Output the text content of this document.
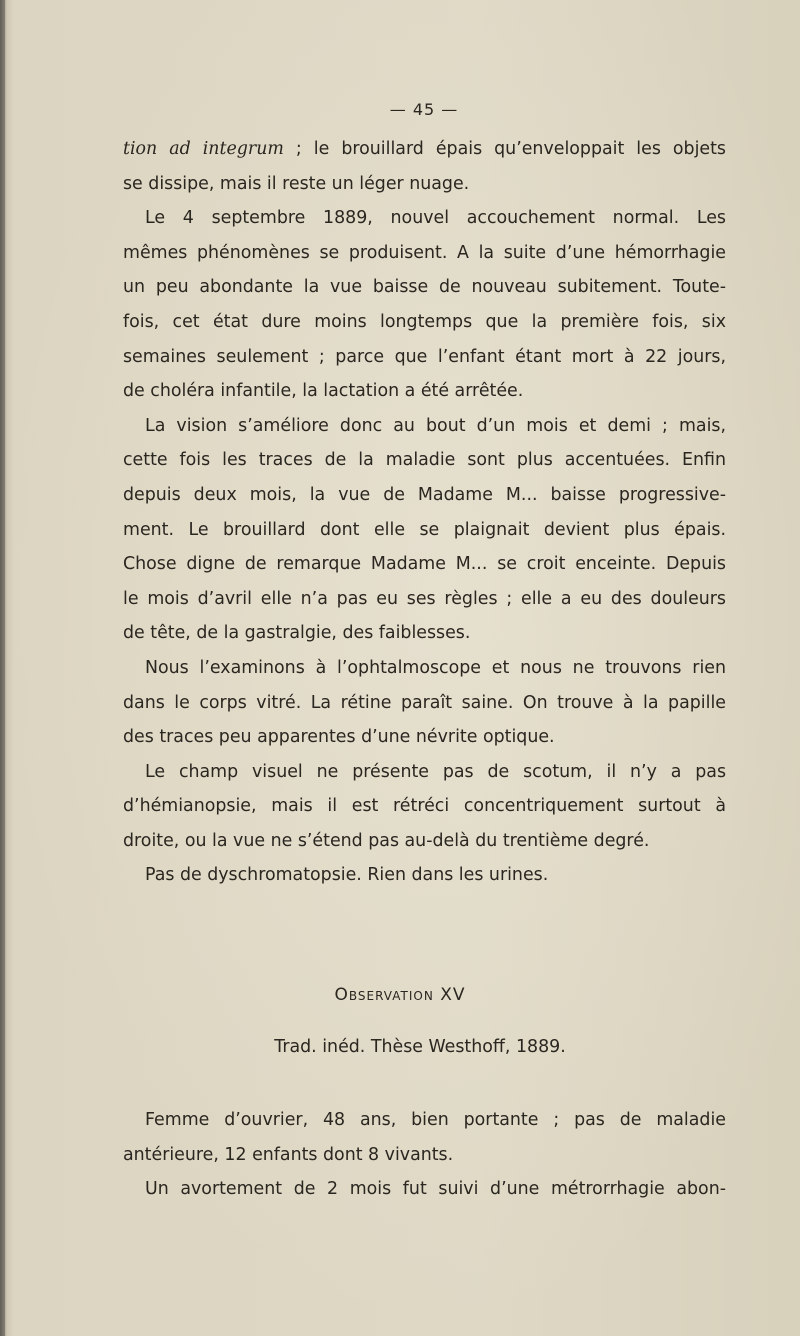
— 45 —
tion ad integrum ; le brouillard épais qu’enveloppait les objets
se dissipe, mais il reste un léger nuage.
Le 4 septembre 1889, nouvel accouchement normal. Les
mêmes phénomènes se produisent. A la suite d’une hémorrhagie
un peu abondante la vue baisse de nouveau subitement. Toute-
fois, cet état dure moins longtemps que la première fois, six
semaines seulement ; parce que l’enfant étant mort à 22 jours,
de choléra infantile, la lactation a été arrêtée.
La vision s’améliore donc au bout d’un mois et demi ; mais,
cette fois les traces de la maladie sont plus accentuées. Enfin
depuis deux mois, la vue de Madame M... baisse progressive-
ment. Le brouillard dont elle se plaignait devient plus épais.
Chose digne de remarque Madame M... se croit enceinte. Depuis
le mois d’avril elle n’a pas eu ses règles ; elle a eu des douleurs
de tête, de la gastralgie, des faiblesses.
Nous l’examinons à l’ophtalmoscope et nous ne trouvons rien
dans le corps vitré. La rétine paraît saine. On trouve à la papille
des traces peu apparentes d’une névrite optique.
Le champ visuel ne présente pas de scotum, il n’y a pas
d’hémianopsie, mais il est rétréci concentriquement surtout à
droite, ou la vue ne s’étend pas au-delà du trentième degré.
Pas de dyschromatopsie. Rien dans les urines.
Observation XV
Trad. inéd. Thèse Westhoff, 1889.
Femme d’ouvrier, 48 ans, bien portante ; pas de maladie
antérieure, 12 enfants dont 8 vivants.
Un avortement de 2 mois fut suivi d’une métrorrhagie abon-
